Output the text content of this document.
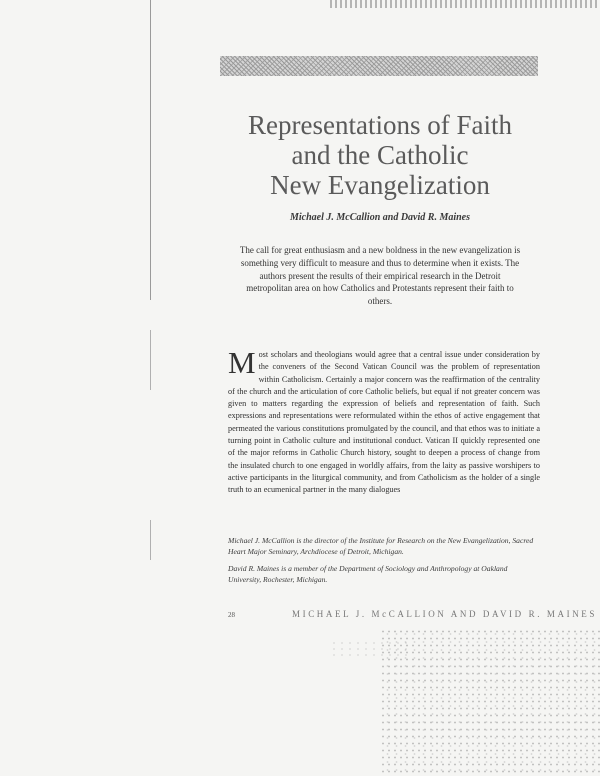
Representations of Faith
and the Catholic
New Evangelization
Michael J. McCallion and David R. Maines
The call for great enthusiasm and a new boldness in the new evangelization is something very difficult to measure and thus to determine when it exists. The authors present the results of their empirical research in the Detroit metropolitan area on how Catholics and Protestants represent their faith to others.
Most scholars and theologians would agree that a central issue under consideration by the conveners of the Second Vatican Council was the problem of representation within Catholicism. Certainly a major concern was the reaffirmation of the centrality of the church and the articulation of core Catholic beliefs, but equal if not greater concern was given to matters regarding the expression of beliefs and representation of faith. Such expressions and representations were reformulated within the ethos of active engagement that permeated the various constitutions promulgated by the council, and that ethos was to initiate a turning point in Catholic culture and institutional conduct. Vatican II quickly represented one of the major reforms in Catholic Church history, sought to deepen a process of change from the insulated church to one engaged in worldly affairs, from the laity as passive worshipers to active participants in the liturgical community, and from Catholicism as the holder of a single truth to an ecumenical partner in the many dialogues

Michael J. McCallion is the director of the Institute for Research on the New Evangelization, Sacred Heart Major Seminary, Archdiocese of Detroit, Michigan.

David R. Maines is a member of the Department of Sociology and Anthropology at Oakland University, Rochester, Michigan.

28	MICHAEL J. McCALLION AND DAVID R. MAINES
